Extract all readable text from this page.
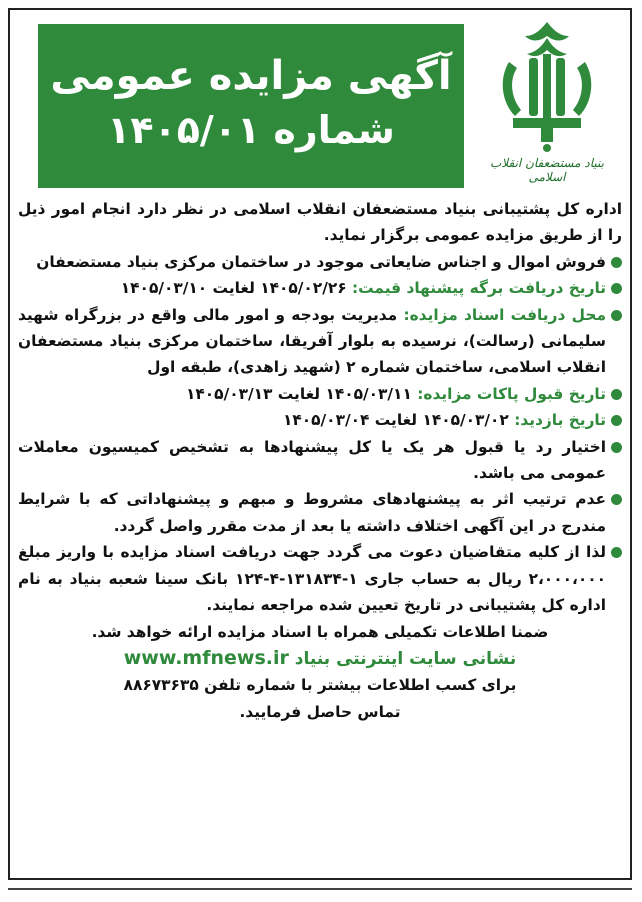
آگهی مزایده عمومی
شماره ۱۴۰۵/۰۱
بنیاد مستضعفان انقلاب اسلامی

اداره کل پشتیبانی بنیاد مستضعفان انقلاب اسلامی در نظر دارد انجام امور ذیل را از طریق مزایده عمومی برگزار نماید.

فروش اموال و اجناس ضایعاتی موجود در ساختمان مرکزی بنیاد مستضعفان

تاریخ دریافت برگه پیشنهاد قیمت: ۱۴۰۵/۰۲/۲۶ لغایت ۱۴۰۵/۰۳/۱۰

محل دریافت اسناد مزایده: مدیریت بودجه و امور مالی واقع در بزرگراه شهید سلیمانی (رسالت)، نرسیده به بلوار آفریقا، ساختمان مرکزی بنیاد مستضعفان انقلاب اسلامی، ساختمان شماره ۲ (شهید زاهدی)، طبقه اول

تاریخ قبول پاکات مزایده: ۱۴۰۵/۰۳/۱۱ لغایت ۱۴۰۵/۰۳/۱۳

تاریخ بازدید: ۱۴۰۵/۰۳/۰۲ لغایت ۱۴۰۵/۰۳/۰۴

اختیار رد یا قبول هر یک یا کل پیشنهادها به تشخیص کمیسیون معاملات عمومی می باشد.

عدم ترتیب اثر به پیشنهادهای مشروط و مبهم و پیشنهاداتی که با شرایط مندرج در این آگهی اختلاف داشته یا بعد از مدت مقرر واصل گردد.

لذا از کلیه متقاضیان دعوت می گردد جهت دریافت اسناد مزایده با واریز مبلغ ۲،۰۰۰،۰۰۰ ریال به حساب جاری ۱-۱۳۱۸۳۴-۴-۱۲۴ بانک سینا شعبه بنیاد به نام اداره کل پشتیبانی در تاریخ تعیین شده مراجعه نمایند.

ضمنا اطلاعات تکمیلی همراه با اسناد مزایده ارائه خواهد شد.

نشانی سایت اینترنتی بنیاد www.mfnews.ir

برای کسب اطلاعات بیشتر با شماره تلفن ۸۸۶۷۳۶۳۵

تماس حاصل فرمایید.
